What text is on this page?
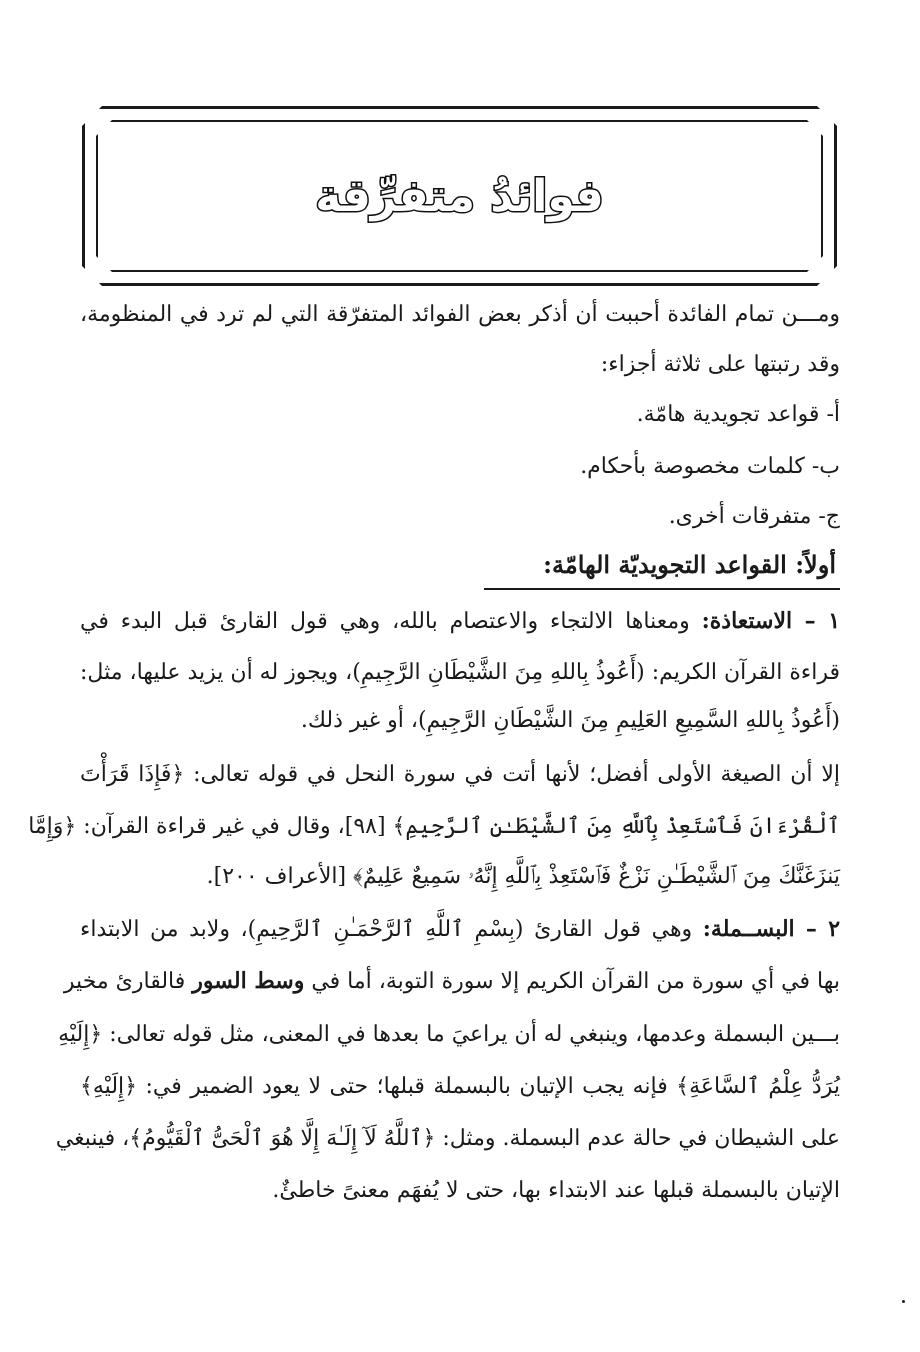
فوائدُ متفرِّقة
ومـــن تمام الفائدة أحببت أن أذكر بعض الفوائد المتفرّقة التي لم ترد في المنظومة،
وقد رتبتها على ثلاثة أجزاء:
أ- قواعد تجويدية هامّة.
ب- كلمات مخصوصة بأحكام.
ج- متفرقات أخرى.
أولاً: القواعد التجويديّة الهامّة:
١ – الاستعاذة: ومعناها الالتجاء والاعتصام بالله، وهي قول القارئ قبل البدء في
قراءة القرآن الكريم: (أَعُوذُ بِاللهِ مِنَ الشَّيْطَانِ الرَّجِيمِ)، ويجوز له أن يزيد عليها، مثل:
(أَعُوذُ بِاللهِ السَّمِيعِ العَلِيمِ مِنَ الشَّيْطَانِ الرَّجِيمِ)، أو غير ذلك.
إلا أن الصيغة الأولى أفضل؛ لأنها أتت في سورة النحل في قوله تعالى: ﴿فَإِذَا قَرَأْتَ
ٱلْقُرْءَانَ فَٱسْتَعِذْ بِٱللَّهِ مِنَ ٱلشَّيْطَـٰنِ ٱلرَّجِيمِ﴾ [٩٨]، وقال في غير قراءة القرآن: ﴿وَإِمَّا
يَنزَغَنَّكَ مِنَ ٱلشَّيْطَـٰنِ نَزْغٌ فَٱسْتَعِذْ بِٱللَّهِ إِنَّهُۥ سَمِيعٌ عَلِيمٌ﴾ [الأعراف ٢٠٠].
٢ – البســملة: وهي قول القارئ (بِسْمِ ٱللَّهِ ٱلرَّحْمَـٰنِ ٱلرَّحِيمِ)، ولابد من الابتداء
بها في أي سورة من القرآن الكريم إلا سورة التوبة، أما في وسط السور فالقارئ مخير
بـــين البسملة وعدمها، وينبغي له أن يراعيَ ما بعدها في المعنى، مثل قوله تعالى: ﴿إِلَيْهِ
يُرَدُّ عِلْمُ ٱلسَّاعَةِ﴾ فإنه يجب الإتيان بالبسملة قبلها؛ حتى لا يعود الضمير في: ﴿إِلَيْهِ﴾
على الشيطان في حالة عدم البسملة. ومثل: ﴿ٱللَّهُ لَآ إِلَـٰهَ إِلَّا هُوَ ٱلْحَىُّ ٱلْقَيُّومُ﴾، فينبغي
الإتيان بالبسملة قبلها عند الابتداء بها، حتى لا يُفهَم معنىً خاطئٌ.
